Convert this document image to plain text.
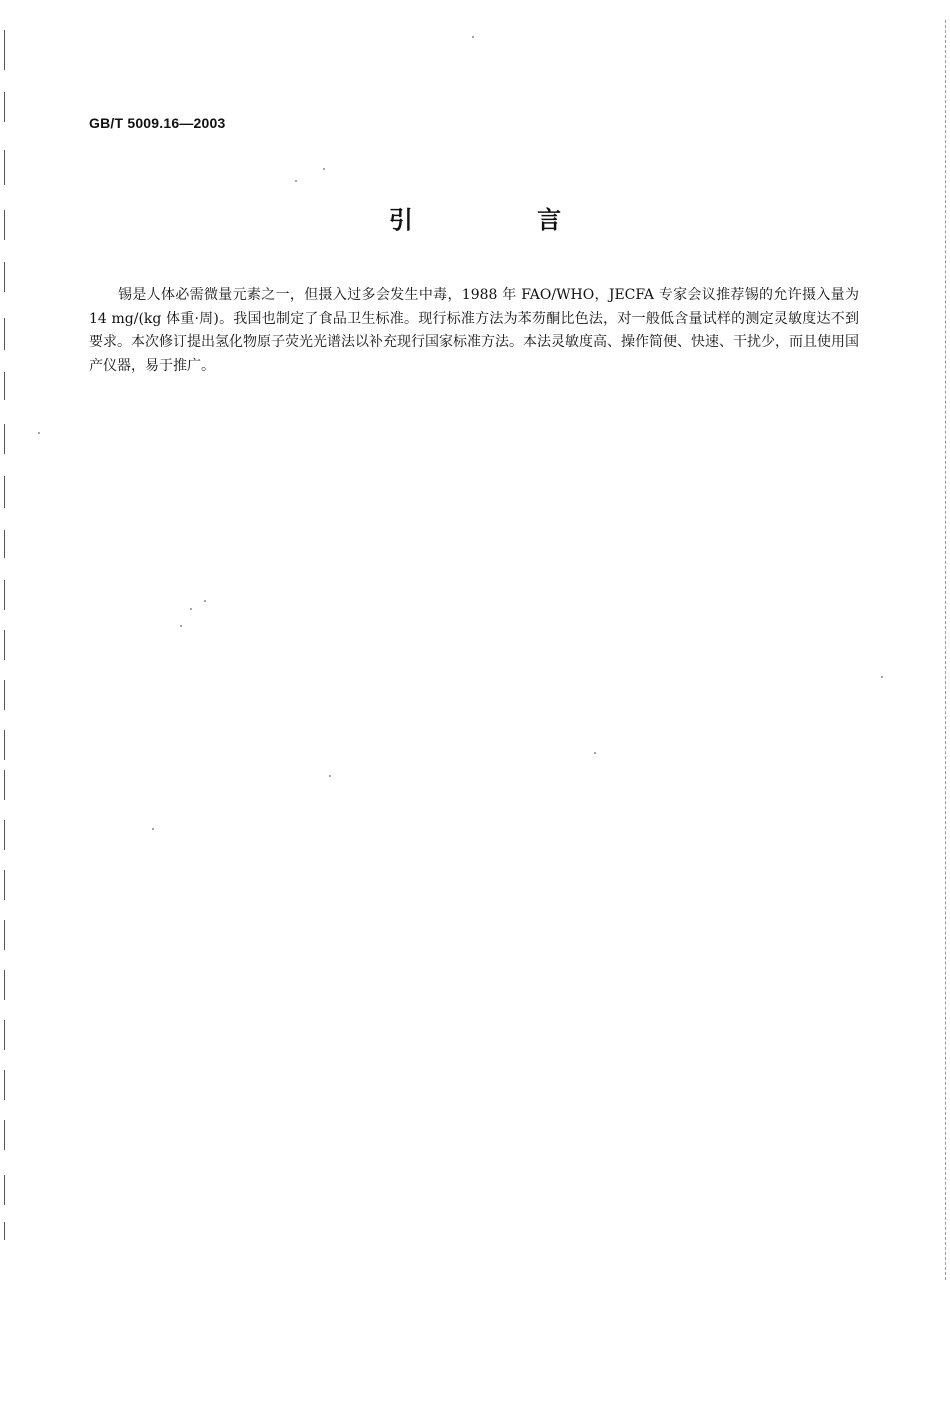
GB/T 5009.16—2003
引 言

锡是人体必需微量元素之一，但摄入过多会发生中毒，1988 年 FAO/WHO，JECFA 专家会议推荐锡的允许摄入量为 14 mg/(kg 体重·周)。我国也制定了食品卫生标准。现行标准方法为苯芴酮比色法，对一般低含量试样的测定灵敏度达不到要求。本次修订提出氢化物原子荧光光谱法以补充现行国家标准方法。本法灵敏度高、操作简便、快速、干扰少，而且使用国产仪器，易于推广。
